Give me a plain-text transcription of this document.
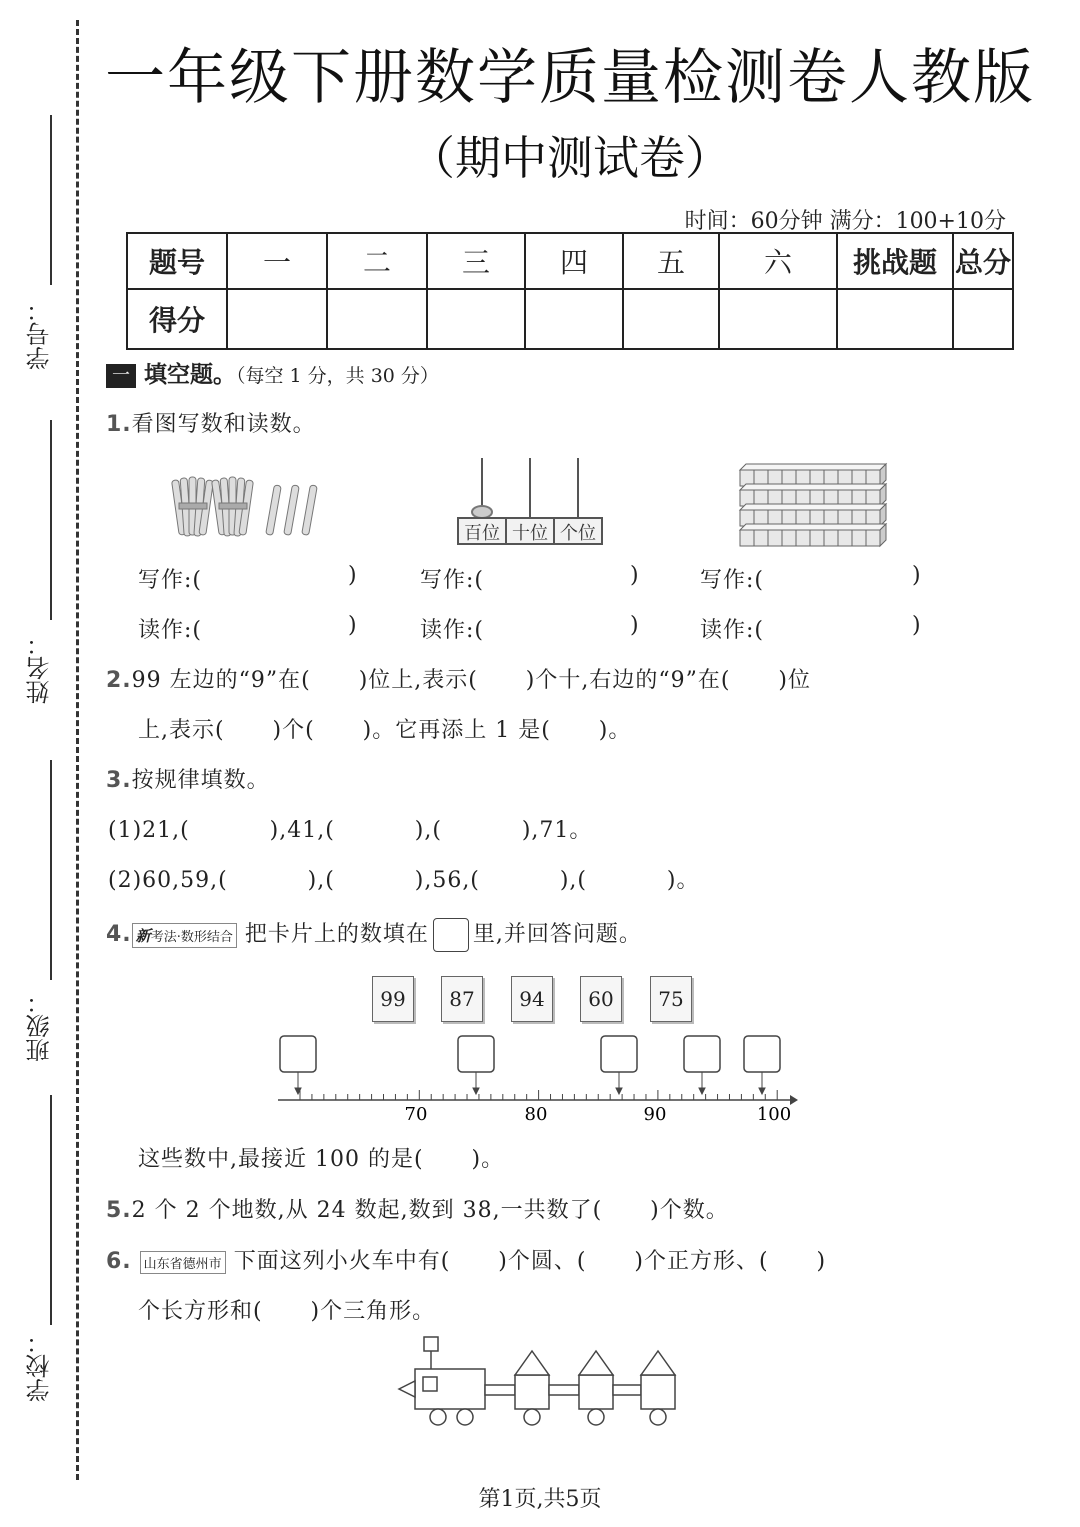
一年级下册数学质量检测卷人教版
（期中测试卷）
时间：60分钟 满分：100+10分
学号：
姓名：
班级：
学校：
题号	一	二	三	四	五	六	挑战题	总分
得分								
一 填空题。（每空 1 分，共 30 分）
1.看图写数和读数。
百位 十位 个位
写作:(	)	写作:(	)	写作:(	)
读作:(	)	读作:(	)	读作:(	)
2.99 左边的“9”在(      )位上,表示(      )个十,右边的“9”在(      )位
上,表示(      )个(      )。它再添上 1 是(      )。
3.按规律填数。
(1)21,(          ),41,(          ),(          ),71。
(2)60,59,(          ),(          ),56,(          ),(          )。
4. 新考法·数形结合 把卡片上的数填在 里,并回答问题。
99	87	94	60	75
70	80	90	100
这些数中,最接近 100 的是(      )。
5.2 个 2 个地数,从 24 数起,数到 38,一共数了(      )个数。
6. 山东省德州市 下面这列小火车中有(      )个圆、(      )个正方形、(      )
个长方形和(      )个三角形。
第1页,共5页
